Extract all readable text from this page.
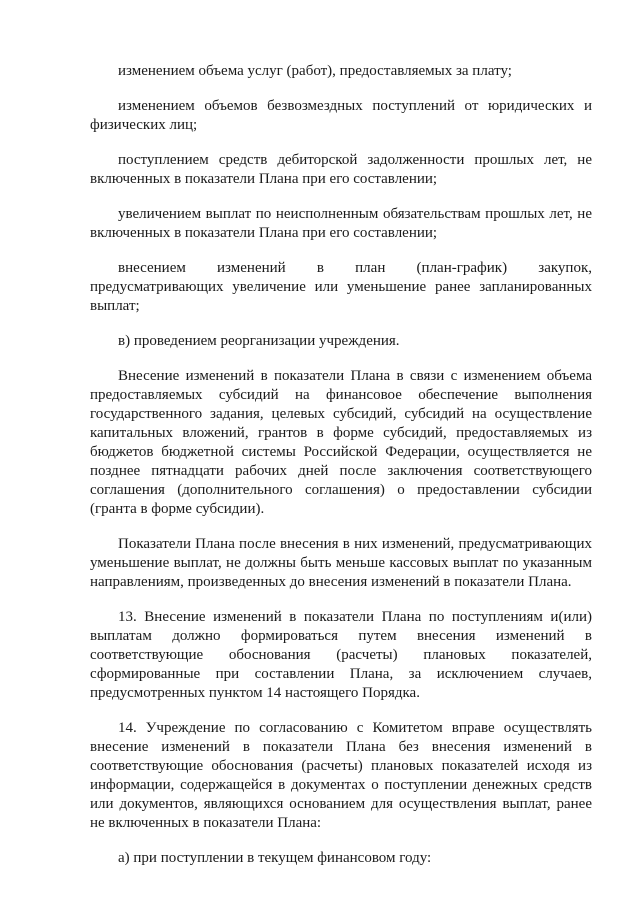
изменением объема услуг (работ), предоставляемых за плату;

изменением объемов безвозмездных поступлений от юридических и физических лиц;

поступлением средств дебиторской задолженности прошлых лет, не включенных в показатели Плана при его составлении;

увеличением выплат по неисполненным обязательствам прошлых лет, не включенных в показатели Плана при его составлении;

внесением изменений в план (план-график) закупок, предусматривающих увеличение или уменьшение ранее запланированных выплат;

в) проведением реорганизации учреждения.

Внесение изменений в показатели Плана в связи с изменением объема предоставляемых субсидий на финансовое обеспечение выполнения государственного задания, целевых субсидий, субсидий на осуществление капитальных вложений, грантов в форме субсидий, предоставляемых из бюджетов бюджетной системы Российской Федерации, осуществляется не позднее пятнадцати рабочих дней после заключения соответствующего соглашения (дополнительного соглашения) о предоставлении субсидии (гранта в форме субсидии).

Показатели Плана после внесения в них изменений, предусматривающих уменьшение выплат, не должны быть меньше кассовых выплат по указанным направлениям, произведенных до внесения изменений в показатели Плана.

13. Внесение изменений в показатели Плана по поступлениям и(или) выплатам должно формироваться путем внесения изменений в соответствующие обоснования (расчеты) плановых показателей, сформированные при составлении Плана, за исключением случаев, предусмотренных пунктом 14 настоящего Порядка.

14. Учреждение по согласованию с Комитетом вправе осуществлять внесение изменений в показатели Плана без внесения изменений в соответствующие обоснования (расчеты) плановых показателей исходя из информации, содержащейся в документах о поступлении денежных средств или документов, являющихся основанием для осуществления выплат, ранее не включенных в показатели Плана:

а) при поступлении в текущем финансовом году:
